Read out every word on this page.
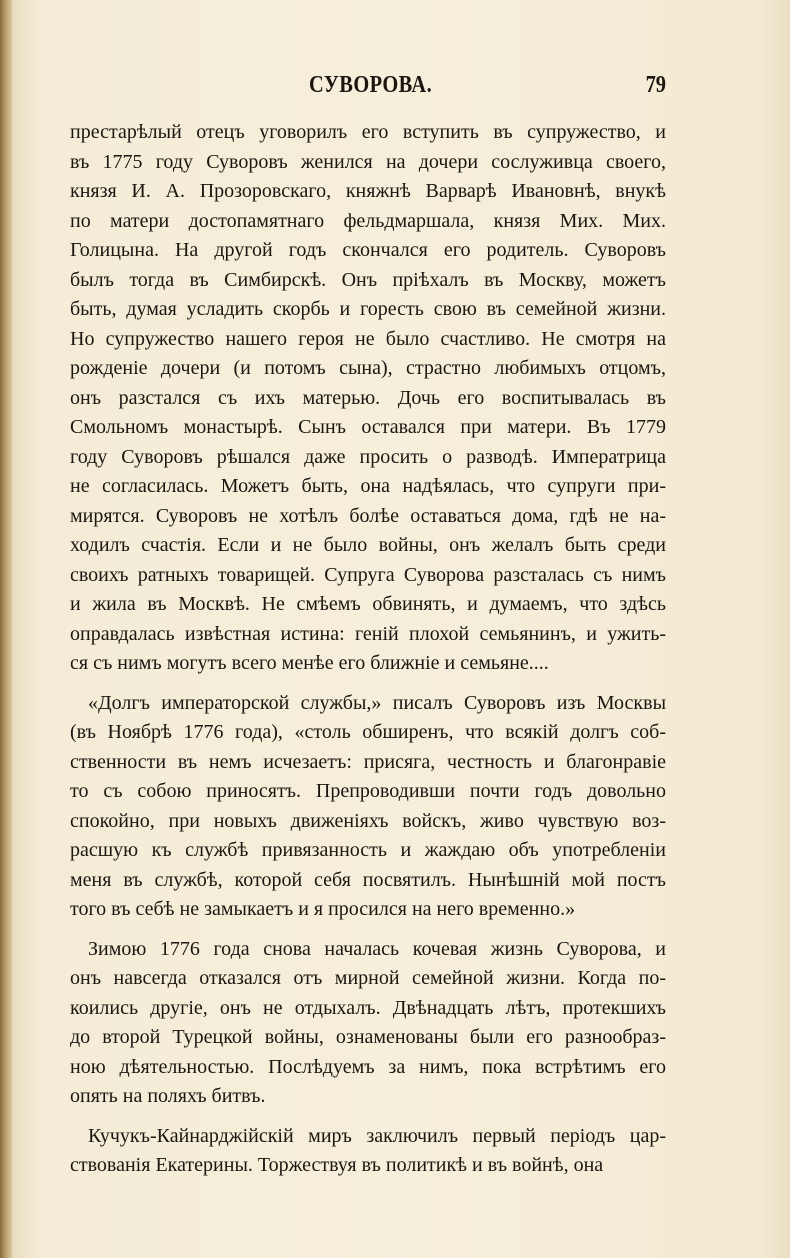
СУВОРОВА.	79
престарѣлый отецъ уговорилъ его вступить въ супружество, и
въ 1775 году Суворовъ женился на дочери сослуживца своего,
князя И. А. Прозоровскаго, княжнѣ Варварѣ Ивановнѣ, внукѣ
по матери достопамятнаго фельдмаршала, князя Мих. Мих.
Голицына. На другой годъ скончался его родитель. Суворовъ
былъ тогда въ Симбирскѣ. Онъ пріѣхалъ въ Москву, можетъ
быть, думая усладить скорбь и горесть свою въ семейной жизни.
Но супружество нашего героя не было счастливо. Не смотря на
рожденіе дочери (и потомъ сына), страстно любимыхъ отцомъ,
онъ разстался съ ихъ матерью. Дочь его воспитывалась въ
Смольномъ монастырѣ. Сынъ оставался при матери. Въ 1779
году Суворовъ рѣшался даже просить о разводѣ. Императрица
не согласилась. Можетъ быть, она надѣялась, что супруги при-
мирятся. Суворовъ не хотѣлъ болѣе оставаться дома, гдѣ не на-
ходилъ счастія. Если и не было войны, онъ желалъ быть среди
своихъ ратныхъ товарищей. Супруга Суворова разсталась съ нимъ
и жила въ Москвѣ. Не смѣемъ обвинять, и думаемъ, что здѣсь
оправдалась извѣстная истина: геній плохой семьянинъ, и ужить-
ся съ нимъ могутъ всего менѣе его ближніе и семьяне....
«Долгъ императорской службы,» писалъ Суворовъ изъ Москвы
(въ Ноябрѣ 1776 года), «столь обширенъ, что всякій долгъ соб-
ственности въ немъ исчезаетъ: присяга, честность и благонравіе
то съ собою приносятъ. Препроводивши почти годъ довольно
спокойно, при новыхъ движеніяхъ войскъ, живо чувствую воз-
расшую къ службѣ привязанность и жаждаю объ употребленіи
меня въ службѣ, которой себя посвятилъ. Нынѣшній мой постъ
того въ себѣ не замыкаетъ и я просился на него временно.»
Зимою 1776 года снова началась кочевая жизнь Суворова, и
онъ навсегда отказался отъ мирной семейной жизни. Когда по-
коились другіе, онъ не отдыхалъ. Двѣнадцать лѣтъ, протекшихъ
до второй Турецкой войны, ознаменованы были его разнообраз-
ною дѣятельностью. Послѣдуемъ за нимъ, пока встрѣтимъ его
опять на поляхъ битвъ.
Кучукъ-Кайнарджійскій миръ заключилъ первый періодъ цар-
ствованія Екатерины. Торжествуя въ политикѣ и въ войнѣ, она
